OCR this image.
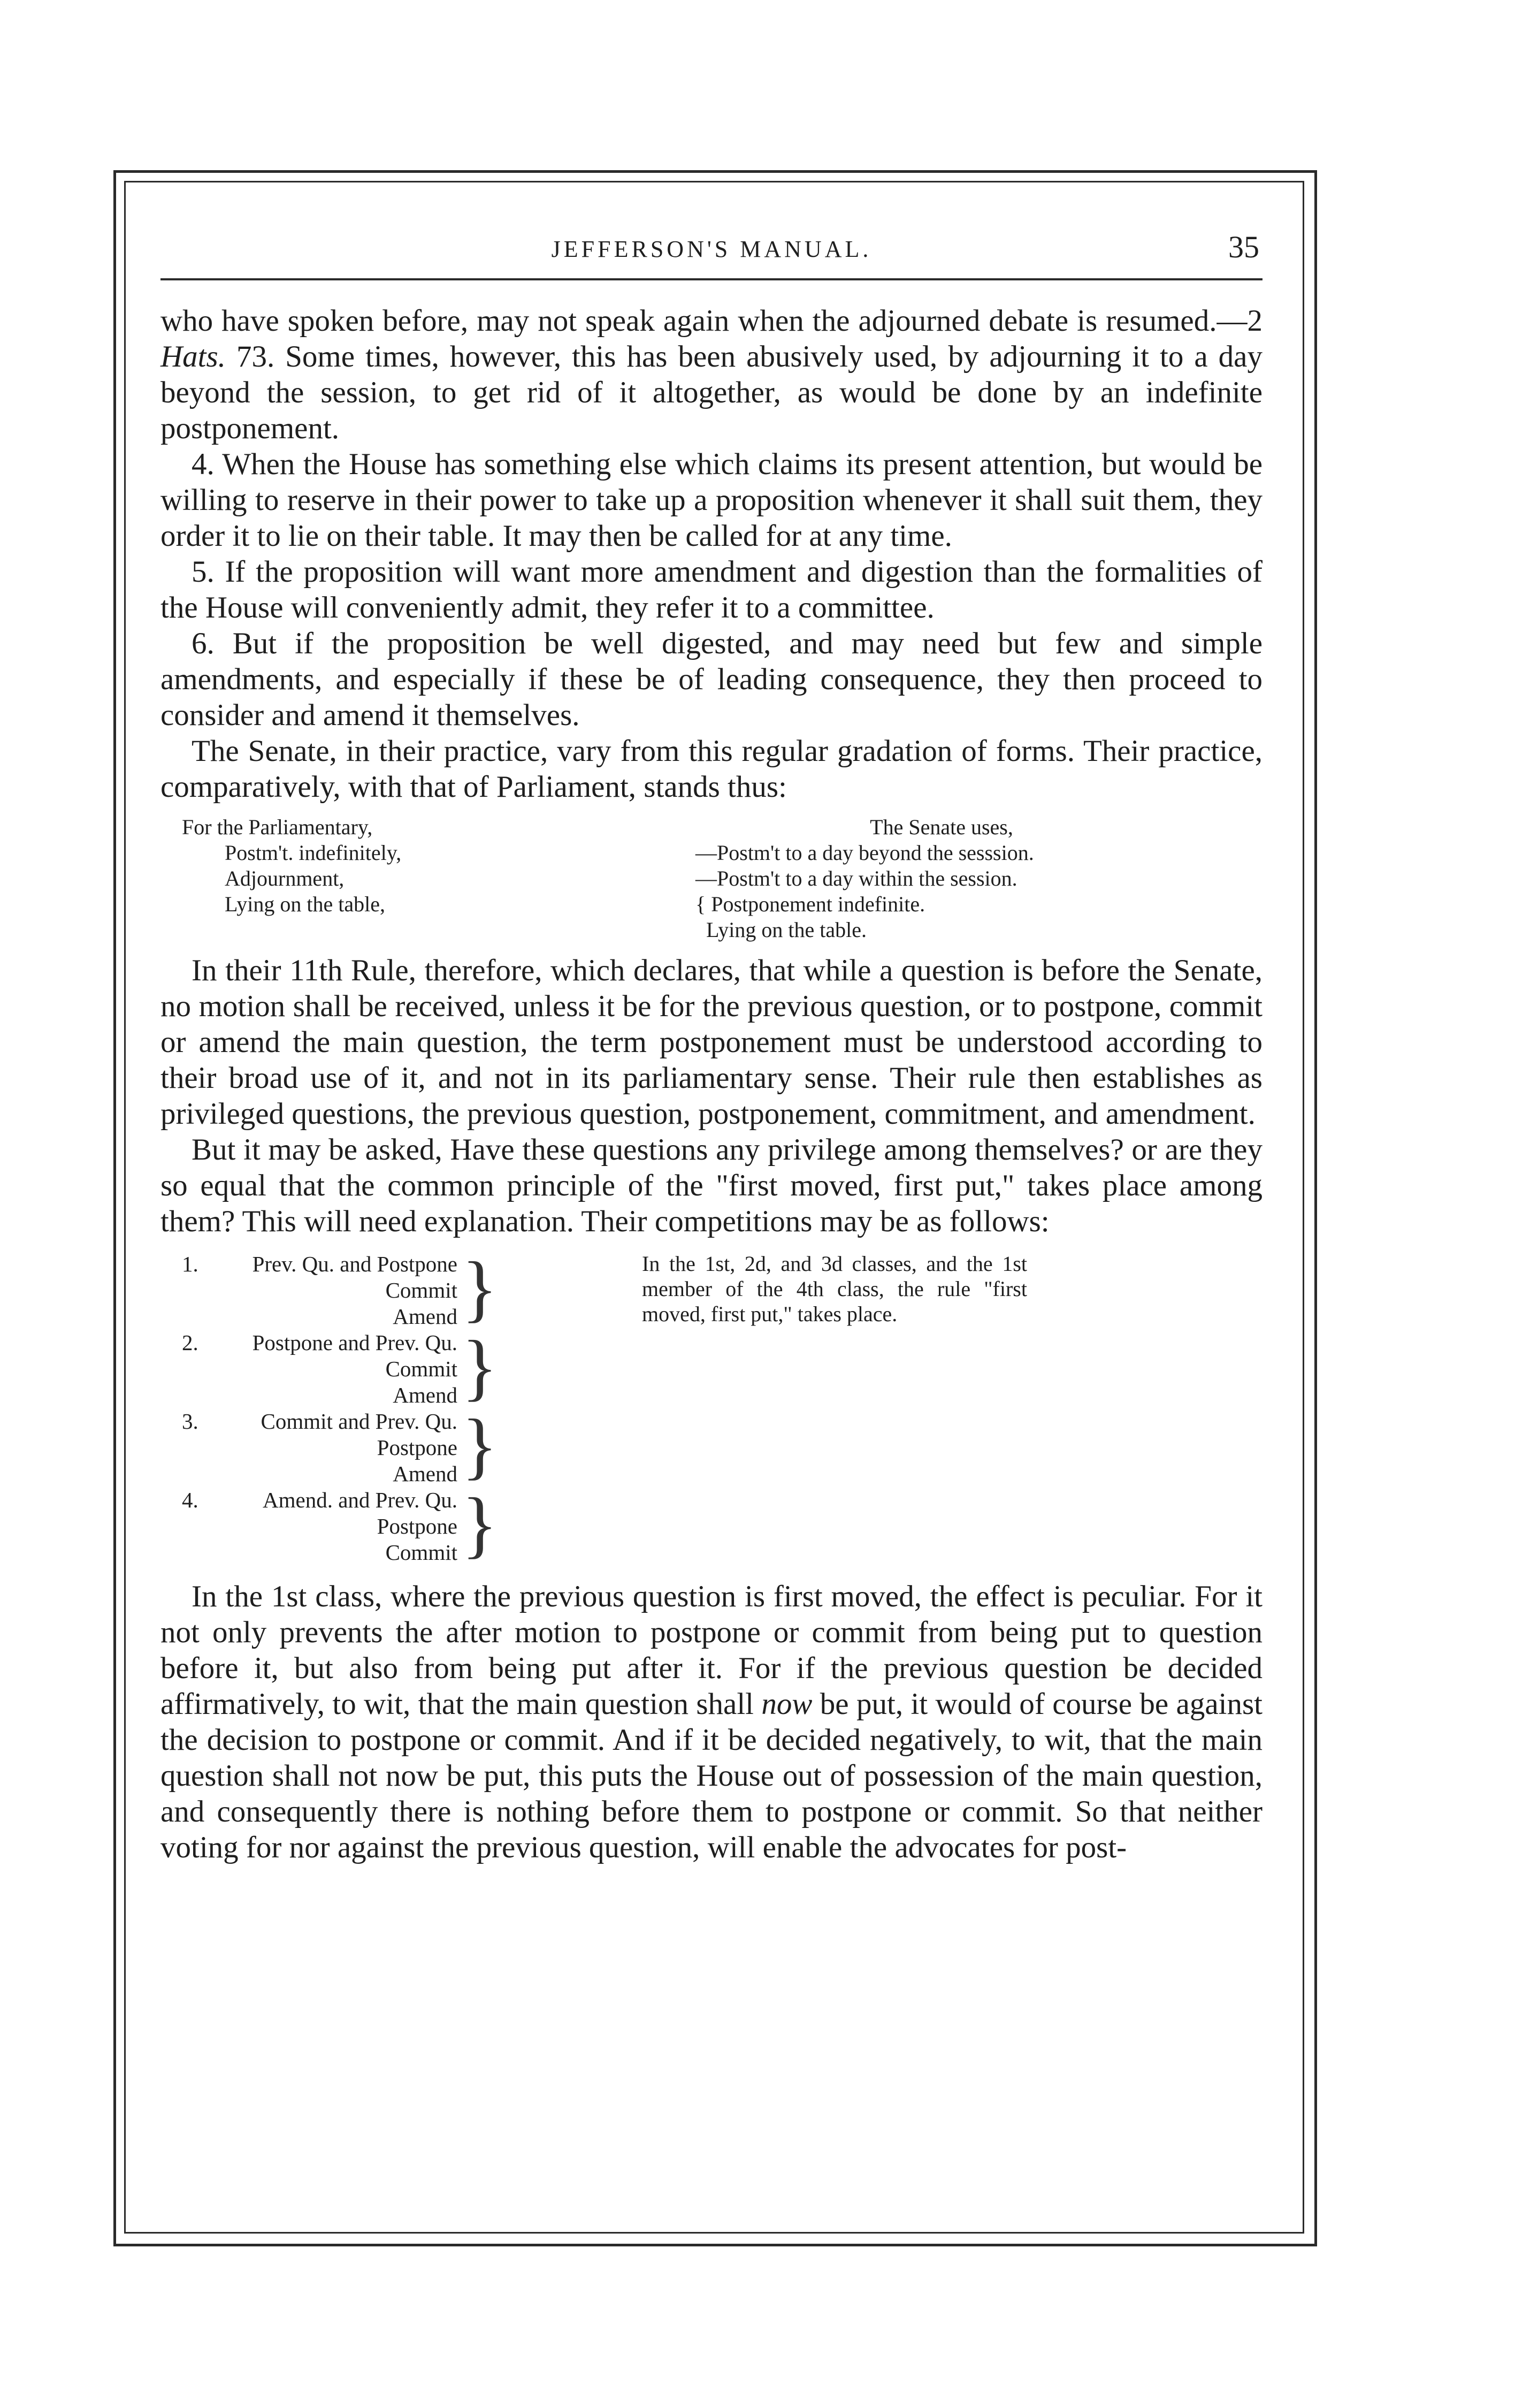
JEFFERSON'S MANUAL.	35

who have spoken before, may not speak again when the adjourned debate is resumed.—2 Hats. 73. Some times, however, this has been abusively used, by adjourning it to a day beyond the session, to get rid of it altogether, as would be done by an indefinite postponement.

4. When the House has something else which claims its present attention, but would be willing to reserve in their power to take up a proposition whenever it shall suit them, they order it to lie on their table. It may then be called for at any time.

5. If the proposition will want more amendment and digestion than the formalities of the House will conveniently admit, they refer it to a committee.

6. But if the proposition be well digested, and may need but few and simple amendments, and especially if these be of leading consequence, they then proceed to consider and amend it themselves.

The Senate, in their practice, vary from this regular gradation of forms. Their practice, comparatively, with that of Parliament, stands thus:

For the Parliamentary,	The Senate uses,
Postm't. indefinitely,	—Postm't to a day beyond the sesssion.
Adjournment,	—Postm't to a day within the session.
Lying on the table,	{ Postponement indefinite.
	Lying on the table.

In their 11th Rule, therefore, which declares, that while a question is before the Senate, no motion shall be received, unless it be for the previous question, or to postpone, commit or amend the main question, the term postponement must be understood according to their broad use of it, and not in its parliamentary sense. Their rule then establishes as privileged questions, the previous question, postponement, commitment, and amendment.

But it may be asked, Have these questions any privilege among themselves? or are they so equal that the common principle of the "first moved, first put," takes place among them? This will need explanation. Their competitions may be as follows:

1.	Prev. Qu. and Postpone
Commit
Amend }
2.	Postpone and Prev. Qu.
Commit
Amend }
3.	Commit and Prev. Qu.
Postpone
Amend }
4.	Amend. and Prev. Qu.
Postpone
Commit }
In the 1st, 2d, and 3d classes, and the 1st member of the 4th class, the rule "first moved, first put," takes place.

In the 1st class, where the previous question is first moved, the effect is peculiar. For it not only prevents the after motion to postpone or commit from being put to question before it, but also from being put after it. For if the previous question be decided affirmatively, to wit, that the main question shall now be put, it would of course be against the decision to postpone or commit. And if it be decided negatively, to wit, that the main question shall not now be put, this puts the House out of possession of the main question, and consequently there is nothing before them to postpone or commit. So that neither voting for nor against the previous question, will enable the advocates for post-
